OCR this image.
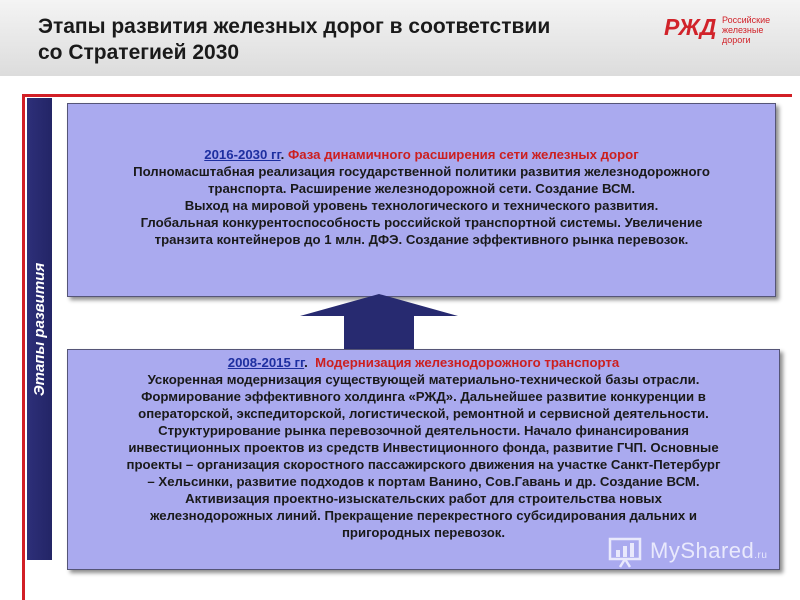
Этапы развития железных дорог в соответствии
со Стратегией 2030
РЖД Российские
железные дороги
Этапы развития
2016-2030 гг. Фаза динамичного расширения сети железных дорог
Полномасштабная реализация государственной политики развития железнодорожного
транспорта. Расширение железнодорожной сети. Создание ВСМ.
Выход на мировой уровень технологического и технического развития.
Глобальная конкурентоспособность российской транспортной системы. Увеличение
транзита контейнеров до 1 млн. ДФЭ. Создание эффективного рынка перевозок.
2008-2015 гг.  Модернизация железнодорожного транспорта
Ускоренная модернизация существующей материально-технической базы отрасли.
Формирование эффективного холдинга «РЖД». Дальнейшее развитие конкуренции в
операторской, экспедиторской, логистической, ремонтной и сервисной деятельности.
Структурирование рынка перевозочной деятельности. Начало финансирования
инвестиционных проектов из средств Инвестиционного фонда, развитие ГЧП. Основные
проекты – организация скоростного пассажирского движения на участке Санкт-Петербург
– Хельсинки, развитие подходов к портам Ванино, Сов.Гавань и др. Создание ВСМ.
Активизация проектно-изыскательских работ для строительства новых
железнодорожных линий. Прекращение перекрестного субсидирования дальних и
пригородных перевозок.
MyShared.ru
